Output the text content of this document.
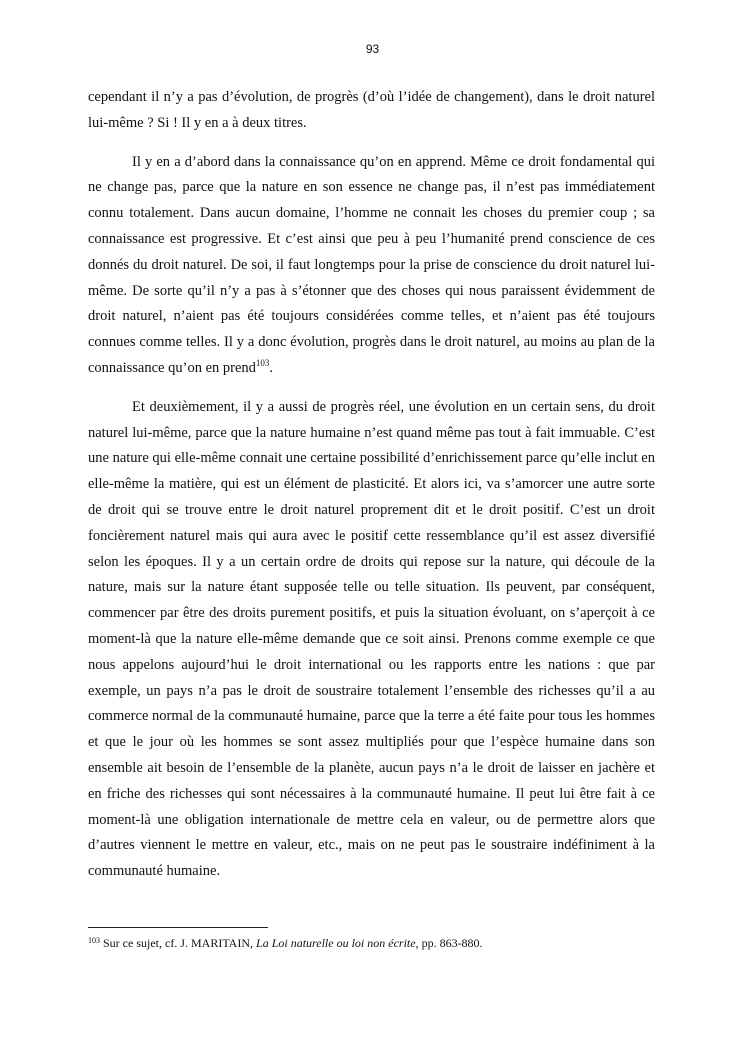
93

cependant il n’y a pas d’évolution, de progrès (d’où l’idée de changement), dans le droit naturel lui-même ? Si ! Il y en a à deux titres.

Il y en a d’abord dans la connaissance qu’on en apprend. Même ce droit fondamental qui ne change pas, parce que la nature en son essence ne change pas, il n’est pas immédiatement connu totalement. Dans aucun domaine, l’homme ne connait les choses du premier coup ; sa connaissance est progressive. Et c’est ainsi que peu à peu l’humanité prend conscience de ces donnés du droit naturel. De soi, il faut longtemps pour la prise de conscience du droit naturel lui-même. De sorte qu’il n’y a pas à s’étonner que des choses qui nous paraissent évidemment de droit naturel, n’aient pas été toujours considérées comme telles, et n’aient pas été toujours connues comme telles. Il y a donc évolution, progrès dans le droit naturel, au moins au plan de la connaissance qu’on en prend$^{103}$.

Et deuxièmement, il y a aussi de progrès réel, une évolution en un certain sens, du droit naturel lui-même, parce que la nature humaine n’est quand même pas tout à fait immuable. C’est une nature qui elle-même connait une certaine possibilité d’enrichissement parce qu’elle inclut en elle-même la matière, qui est un élément de plasticité. Et alors ici, va s’amorcer une autre sorte de droit qui se trouve entre le droit naturel proprement dit et le droit positif. C’est un droit foncièrement naturel mais qui aura avec le positif cette ressemblance qu’il est assez diversifié selon les époques. Il y a un certain ordre de droits qui repose sur la nature, qui découle de la nature, mais sur la nature étant supposée telle ou telle situation. Ils peuvent, par conséquent, commencer par être des droits purement positifs, et puis la situation évoluant, on s’aperçoit à ce moment-là que la nature elle-même demande que ce soit ainsi. Prenons comme exemple ce que nous appelons aujourd’hui le droit international ou les rapports entre les nations : que par exemple, un pays n’a pas le droit de soustraire totalement l’ensemble des richesses qu’il a au commerce normal de la communauté humaine, parce que la terre a été faite pour tous les hommes et que le jour où les hommes se sont assez multipliés pour que l’espèce humaine dans son ensemble ait besoin de l’ensemble de la planète, aucun pays n’a le droit de laisser en jachère et en friche des richesses qui sont nécessaires à la communauté humaine. Il peut lui être fait à ce moment-là une obligation internationale de mettre cela en valeur, ou de permettre alors que d’autres viennent le mettre en valeur, etc., mais on ne peut pas le soustraire indéfiniment à la communauté humaine.

$^{103}$ Sur ce sujet, cf. J. MARITAIN, La Loi naturelle ou loi non écrite, pp. 863-880.
